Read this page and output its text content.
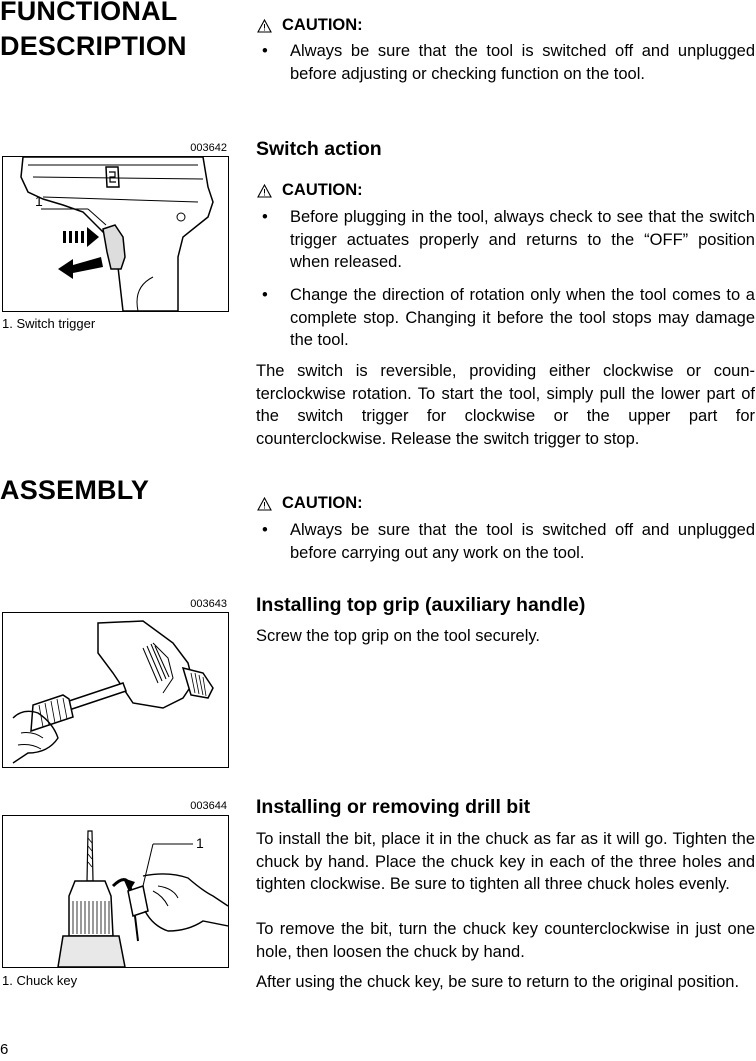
FUNCTIONAL
DESCRIPTION
CAUTION:
•	Always be sure that the tool is switched off and unplugged before adjusting or checking function on the tool.
003642
1
1. Switch trigger
Switch action
CAUTION:
•	Before plugging in the tool, always check to see that the switch trigger actuates properly and returns to the “OFF” position when released.
•	Change the direction of rotation only when the tool comes to a complete stop. Changing it before the tool stops may damage the tool.
The switch is reversible, providing either clockwise or coun-terclockwise rotation. To start the tool, simply pull the lower part of the switch trigger for clockwise or the upper part for counterclockwise. Release the switch trigger to stop.
ASSEMBLY	CAUTION:
•	Always be sure that the tool is switched off and unplugged before carrying out any work on the tool.
003643 Installing top grip (auxiliary handle)
Screw the top grip on the tool securely.
003644
1
1. Chuck key
Installing or removing drill bit
To install the bit, place it in the chuck as far as it will go. Tighten the chuck by hand. Place the chuck key in each of the three holes and tighten clockwise. Be sure to tighten all three chuck holes evenly.
To remove the bit, turn the chuck key counterclockwise in just one hole, then loosen the chuck by hand.
After using the chuck key, be sure to return to the original position.
6
